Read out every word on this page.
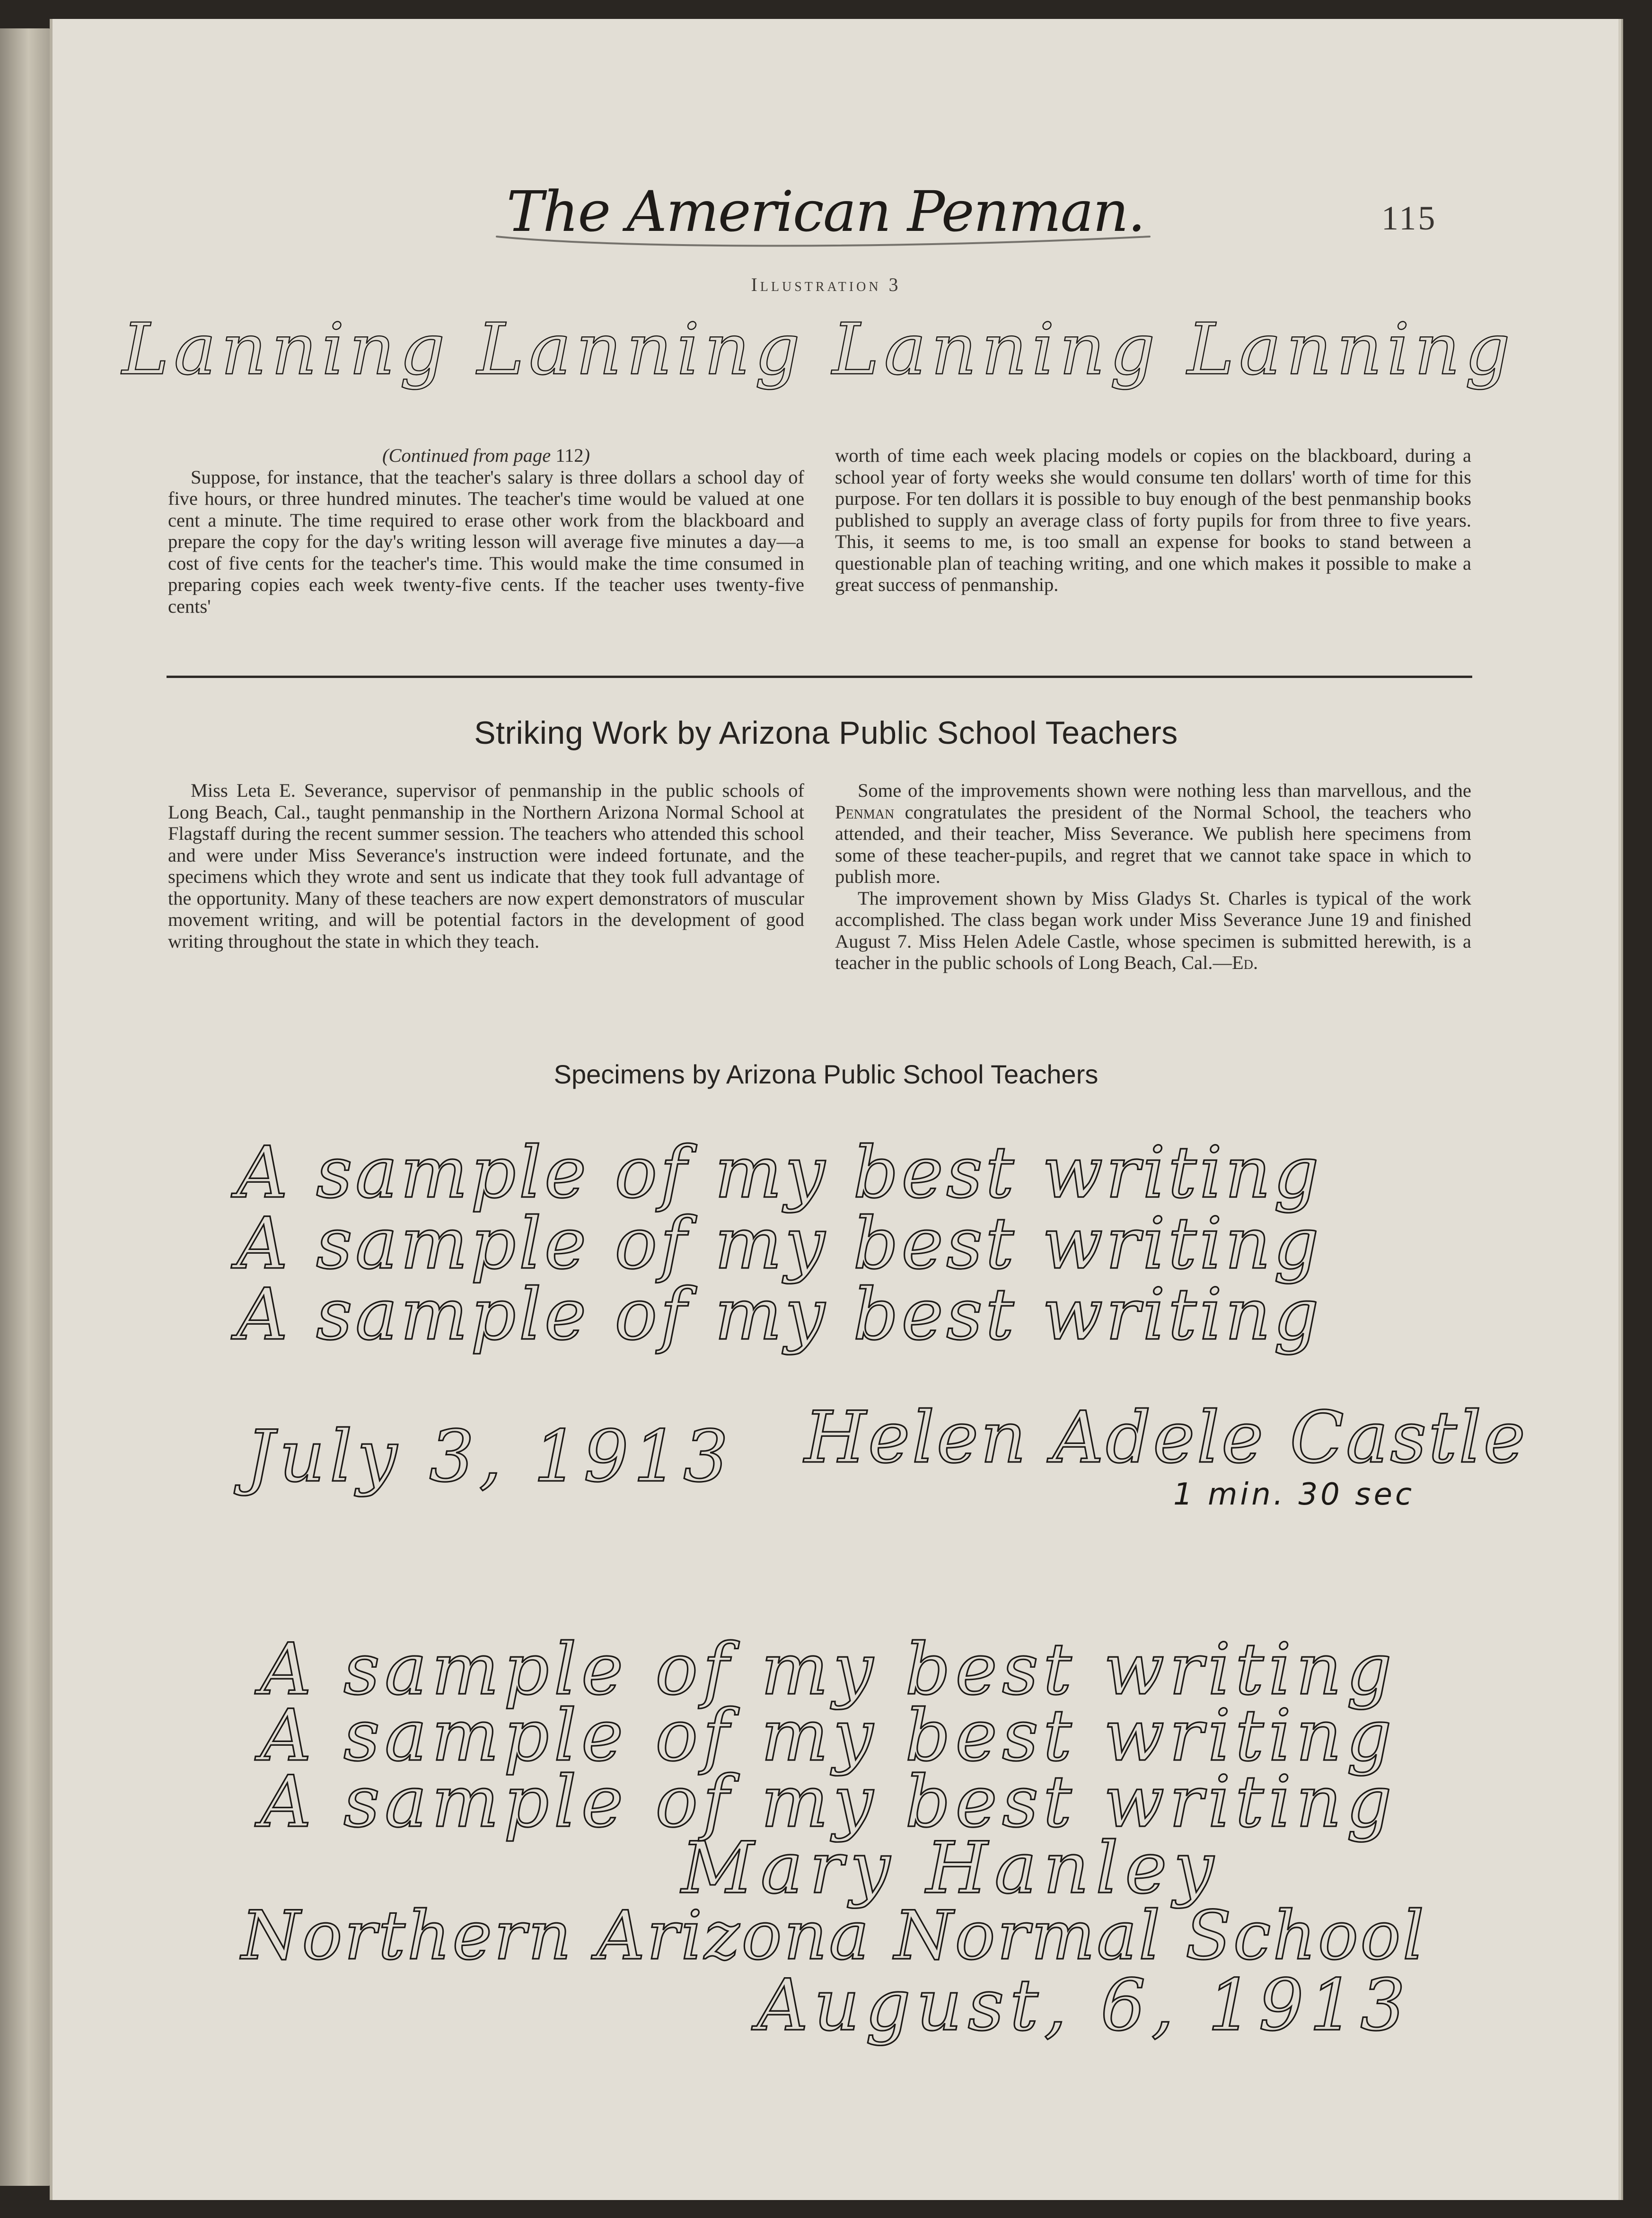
The American Penman.	115
Illustration 3
Lanning Lanning Lanning Lanning

(Continued from page 112)

Suppose, for instance, that the teacher's salary is three dollars a school day of five hours, or three hundred minutes. The teacher's time would be valued at one cent a minute. The time required to erase other work from the blackboard and prepare the copy for the day's writing lesson will average five minutes a day—a cost of five cents for the teacher's time. This would make the time consumed in preparing copies each week twenty-five cents. If the teacher uses twenty-five cents'

worth of time each week placing models or copies on the blackboard, during a school year of forty weeks she would consume ten dollars' worth of time for this purpose. For ten dollars it is possible to buy enough of the best penmanship books published to supply an average class of forty pupils for from three to five years. This, it seems to me, is too small an expense for books to stand between a questionable plan of teaching writing, and one which makes it possible to make a great success of penmanship.

Striking Work by Arizona Public School Teachers

Miss Leta E. Severance, supervisor of penmanship in the public schools of Long Beach, Cal., taught penmanship in the Northern Arizona Normal School at Flagstaff during the recent summer session. The teachers who attended this school and were under Miss Severance's instruction were indeed fortunate, and the specimens which they wrote and sent us indicate that they took full advantage of the opportunity. Many of these teachers are now expert demonstrators of muscular movement writing, and will be potential factors in the development of good writing throughout the state in which they teach.

Some of the improvements shown were nothing less than marvellous, and the Penman congratulates the president of the Normal School, the teachers who attended, and their teacher, Miss Severance. We publish here specimens from some of these teacher-pupils, and regret that we cannot take space in which to publish more.

The improvement shown by Miss Gladys St. Charles is typical of the work accomplished. The class began work under Miss Severance June 19 and finished August 7. Miss Helen Adele Castle, whose specimen is submitted herewith, is a teacher in the public schools of Long Beach, Cal.—Ed.

Specimens by Arizona Public School Teachers
A sample of my best writing
A sample of my best writing
A sample of my best writing
July 3, 1913 Helen Adele Castle
1 min. 30 sec
A sample of my best writing
A sample of my best writing
A sample of my best writing
Mary Hanley
Northern Arizona Normal School
August, 6, 1913
